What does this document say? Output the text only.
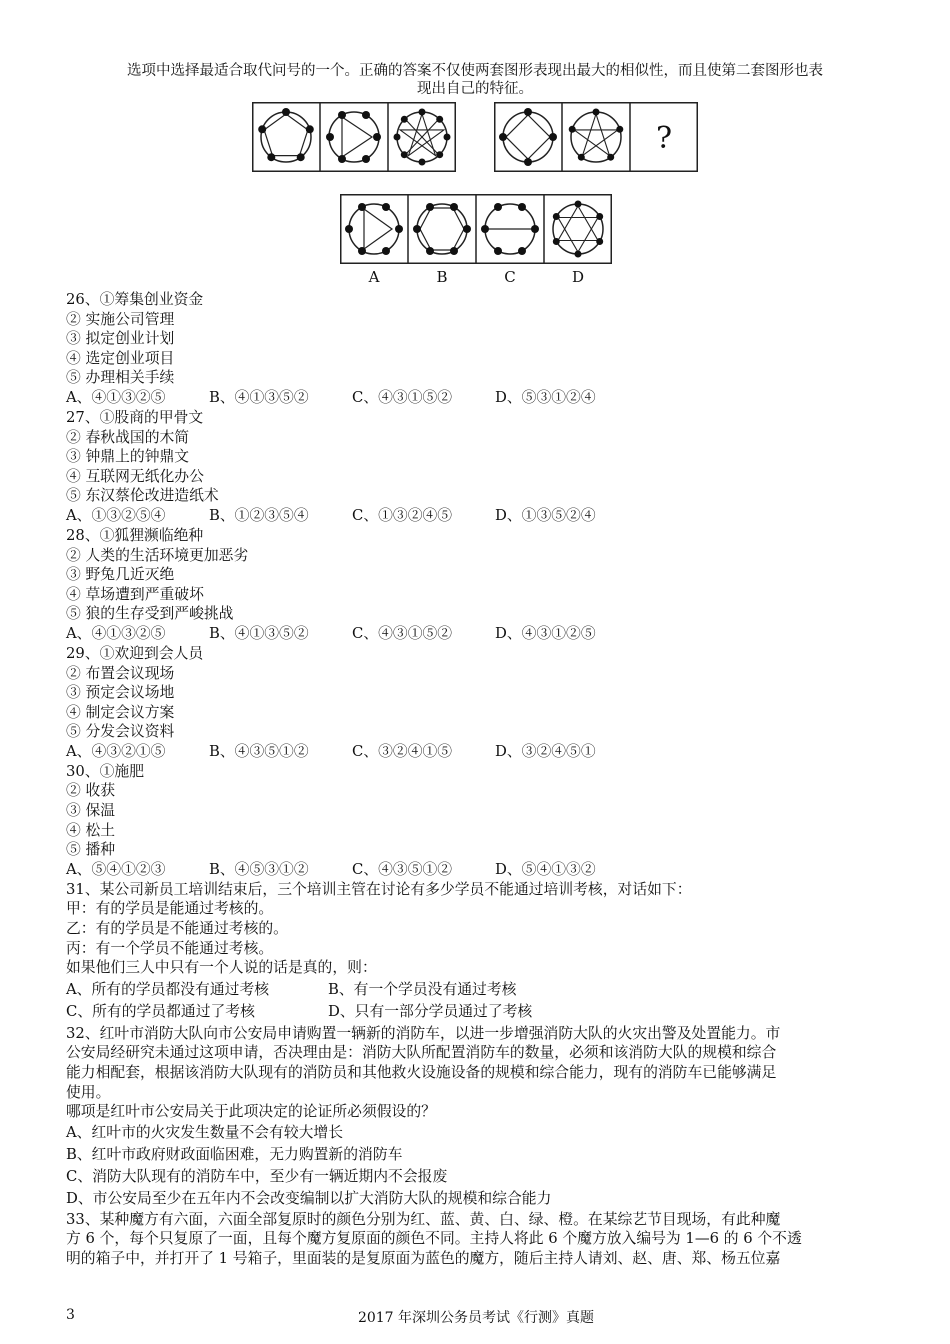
选项中选择最适合取代问号的一个。正确的答案不仅使两套图形表现出最大的相似性，而且使第二套图形也表
现出自己的特征。
?
A	B	C	D
26、①筹集创业资金
② 实施公司管理
③ 拟定创业计划
④ 选定创业项目
⑤ 办理相关手续
A、④①③②⑤	B、④①③⑤②	C、④③①⑤②	D、⑤③①②④
27、①股商的甲骨文
② 春秋战国的木简
③ 钟鼎上的钟鼎文
④ 互联网无纸化办公
⑤ 东汉蔡伦改进造纸术
A、①③②⑤④	B、①②③⑤④	C、①③②④⑤	D、①③⑤②④
28、①狐狸濒临绝种
② 人类的生活环境更加恶劣
③ 野兔几近灭绝
④ 草场遭到严重破坏
⑤ 狼的生存受到严峻挑战
A、④①③②⑤	B、④①③⑤②	C、④③①⑤②	D、④③①②⑤
29、①欢迎到会人员
② 布置会议现场
③ 预定会议场地
④ 制定会议方案
⑤ 分发会议资料
A、④③②①⑤	B、④③⑤①②	C、③②④①⑤	D、③②④⑤①
30、①施肥
② 收获
③ 保温
④ 松土
⑤ 播种
A、⑤④①②③	B、④⑤③①②	C、④③⑤①②	D、⑤④①③②
31、某公司新员工培训结束后，三个培训主管在讨论有多少学员不能通过培训考核，对话如下：
甲：有的学员是能通过考核的。
乙：有的学员是不能通过考核的。
丙：有一个学员不能通过考核。
如果他们三人中只有一个人说的话是真的，则：
A、所有的学员都没有通过考核	B、有一个学员没有通过考核
C、所有的学员都通过了考核	D、只有一部分学员通过了考核
32、红叶市消防大队向市公安局申请购置一辆新的消防车，以进一步增强消防大队的火灾出警及处置能力。市
公安局经研究未通过这项申请，否决理由是：消防大队所配置消防车的数量，必须和该消防大队的规模和综合
能力相配套，根据该消防大队现有的消防员和其他救火设施设备的规模和综合能力，现有的消防车已能够满足
使用。
哪项是红叶市公安局关于此项决定的论证所必须假设的？
A、红叶市的火灾发生数量不会有较大增长
B、红叶市政府财政面临困难，无力购置新的消防车
C、消防大队现有的消防车中，至少有一辆近期内不会报废
D、市公安局至少在五年内不会改变编制以扩大消防大队的规模和综合能力
33、某种魔方有六面，六面全部复原时的颜色分别为红、蓝、黄、白、绿、橙。在某综艺节目现场，有此种魔
方 6 个，每个只复原了一面，且每个魔方复原面的颜色不同。主持人将此 6 个魔方放入编号为 1—6 的 6 个不透
明的箱子中，并打开了 1 号箱子，里面装的是复原面为蓝色的魔方，随后主持人请刘、赵、唐、郑、杨五位嘉
3	2017 年深圳公务员考试《行测》真题
